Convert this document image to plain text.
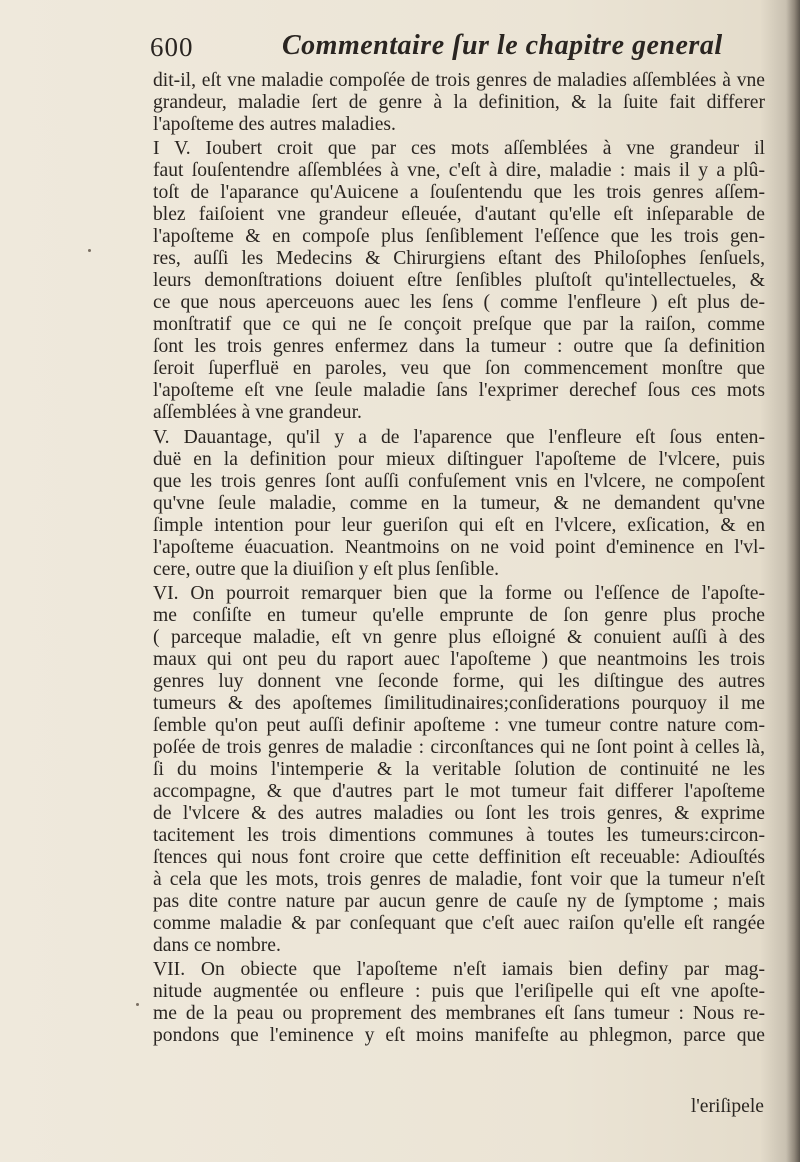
600	Commentaire ſur le chapitre general
dit-il, eſt vne maladie compoſée de trois genres de maladies aſſemblées à vne
grandeur, maladie ſert de genre à la definition, & la ſuite fait differer
l'apoſteme des autres maladies.
I V. Ioubert croit que par ces mots aſſemblées à vne grandeur il
faut ſouſentendre aſſemblées à vne, c'eſt à dire, maladie : mais il y a plû-
toſt de l'aparance qu'Auicene a ſouſentendu que les trois genres aſſem-
blez faiſoient vne grandeur eſleuée, d'autant qu'elle eſt inſeparable de
l'apoſteme & en compoſe plus ſenſiblement l'eſſence que les trois gen-
res, auſſi les Medecins & Chirurgiens eſtant des Philoſophes ſenſuels,
leurs demonſtrations doiuent eſtre ſenſibles pluſtoſt qu'intellectueles, &
ce que nous aperceuons auec les ſens ( comme l'enfleure ) eſt plus de-
monſtratif que ce qui ne ſe conçoit preſque que par la raiſon, comme
ſont les trois genres enfermez dans la tumeur : outre que ſa definition
ſeroit ſuperfluë en paroles, veu que ſon commencement monſtre que
l'apoſteme eſt vne ſeule maladie ſans l'exprimer derechef ſous ces mots
aſſemblées à vne grandeur.
V. Dauantage, qu'il y a de l'aparence que l'enfleure eſt ſous enten-
duë en la definition pour mieux diſtinguer l'apoſteme de l'vlcere, puis
que les trois genres ſont auſſi confuſement vnis en l'vlcere, ne compoſent
qu'vne ſeule maladie, comme en la tumeur, & ne demandent qu'vne
ſimple intention pour leur gueriſon qui eſt en l'vlcere, exſication, & en
l'apoſteme éuacuation. Neantmoins on ne void point d'eminence en l'vl-
cere, outre que la diuiſion y eſt plus ſenſible.
VI. On pourroit remarquer bien que la forme ou l'eſſence de l'apoſte-
me conſiſte en tumeur qu'elle emprunte de ſon genre plus proche
( parceque maladie, eſt vn genre plus eſloigné & conuient auſſi à des
maux qui ont peu du raport auec l'apoſteme ) que neantmoins les trois
genres luy donnent vne ſeconde forme, qui les diſtingue des autres
tumeurs & des apoſtemes ſimilitudinaires;conſiderations pourquoy il me
ſemble qu'on peut auſſi definir apoſteme : vne tumeur contre nature com-
poſée de trois genres de maladie : circonſtances qui ne ſont point à celles là,
ſi du moins l'intemperie & la veritable ſolution de continuité ne les
accompagne, & que d'autres part le mot tumeur fait differer l'apoſteme
de l'vlcere & des autres maladies ou ſont les trois genres, & exprime
tacitement les trois dimentions communes à toutes les tumeurs:circon-
ſtences qui nous font croire que cette deffinition eſt receuable: Adiouſtés
à cela que les mots, trois genres de maladie, font voir que la tumeur n'eſt
pas dite contre nature par aucun genre de cauſe ny de ſymptome ; mais
comme maladie & par conſequant que c'eſt auec raiſon qu'elle eſt rangée
dans ce nombre.
VII. On obiecte que l'apoſteme n'eſt iamais bien definy par mag-
nitude augmentée ou enfleure : puis que l'eriſipelle qui eſt vne apoſte-
me de la peau ou proprement des membranes eſt ſans tumeur : Nous re-
pondons que l'eminence y eſt moins manifeſte au phlegmon, parce que
l'eriſipele
